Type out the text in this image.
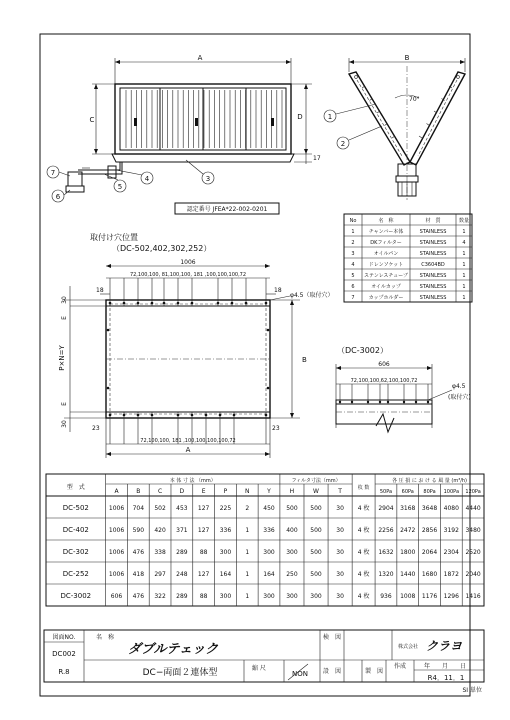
A
C	D
17
7
6
5
4	3
B
70°
1
2
認定番号 JFEA*22-002-0201
No	名　称	材　質	数量
1	チャンバー本体	STAINLESS	1
2	DKフィルター	STAINLESS	4
3	オイルパン	STAINLESS	1
4	ドレンソケット	C3604BD	1
5 ステンレスチューブ STAINLESS	1
6	オイルカップ	STAINLESS	1
7	カップホルダー	STAINLESS	1
取付け穴位置
（DC-502,402,302,252）
1006
72,100,100, 81,100,100, 181 ,100,100,100,72
18	18
φ4.5（取付穴）
30
30
E
P×N=Y
E
B
23	23
72,100,100, 181 ,100,100,100,100,72
A
（DC-3002）
606
72,100,100,62,100,100,72
φ4.5
(取付穴)
型　式
本 体 寸 法 （mm）	フィルタ寸法（mm）
枚 数
各 圧 損 に お け る 風 量 (m³/h)
A	B	C	D	E	P	N	Y	H	W	T	50Pa 60Pa 80Pa 100Pa 120Pa
DC-502	1006 704 502 453 127 225 2 450 500 500 30 4 枚 2904 3168 3648 4080 4440
DC-402	1006 590 420 371 127 336 1 336 400 500 30 4 枚 2256 2472 2856 3192 3480
DC-302	1006 476 338 289 88 300 1 300 300 500 30 4 枚 1632 1800 2064 2304 2520
DC-252	1006 418 297 248 127 164 1 164 250 500 30 4 枚 1320 1440 1680 1872 2040
DC-3002	606 476 322 289 88 300 1 300 300 300 30 4 枚 936 1008 1176 1296 1416
図面NO.
DC002
R.8
名　称
ダブルテェック
DC−両面２連体型	縮 尺
NON
検　図
設　図	製　図
株式会社 クラヨ
作成	年　　月　　日
R4．11．1
SI 単位
